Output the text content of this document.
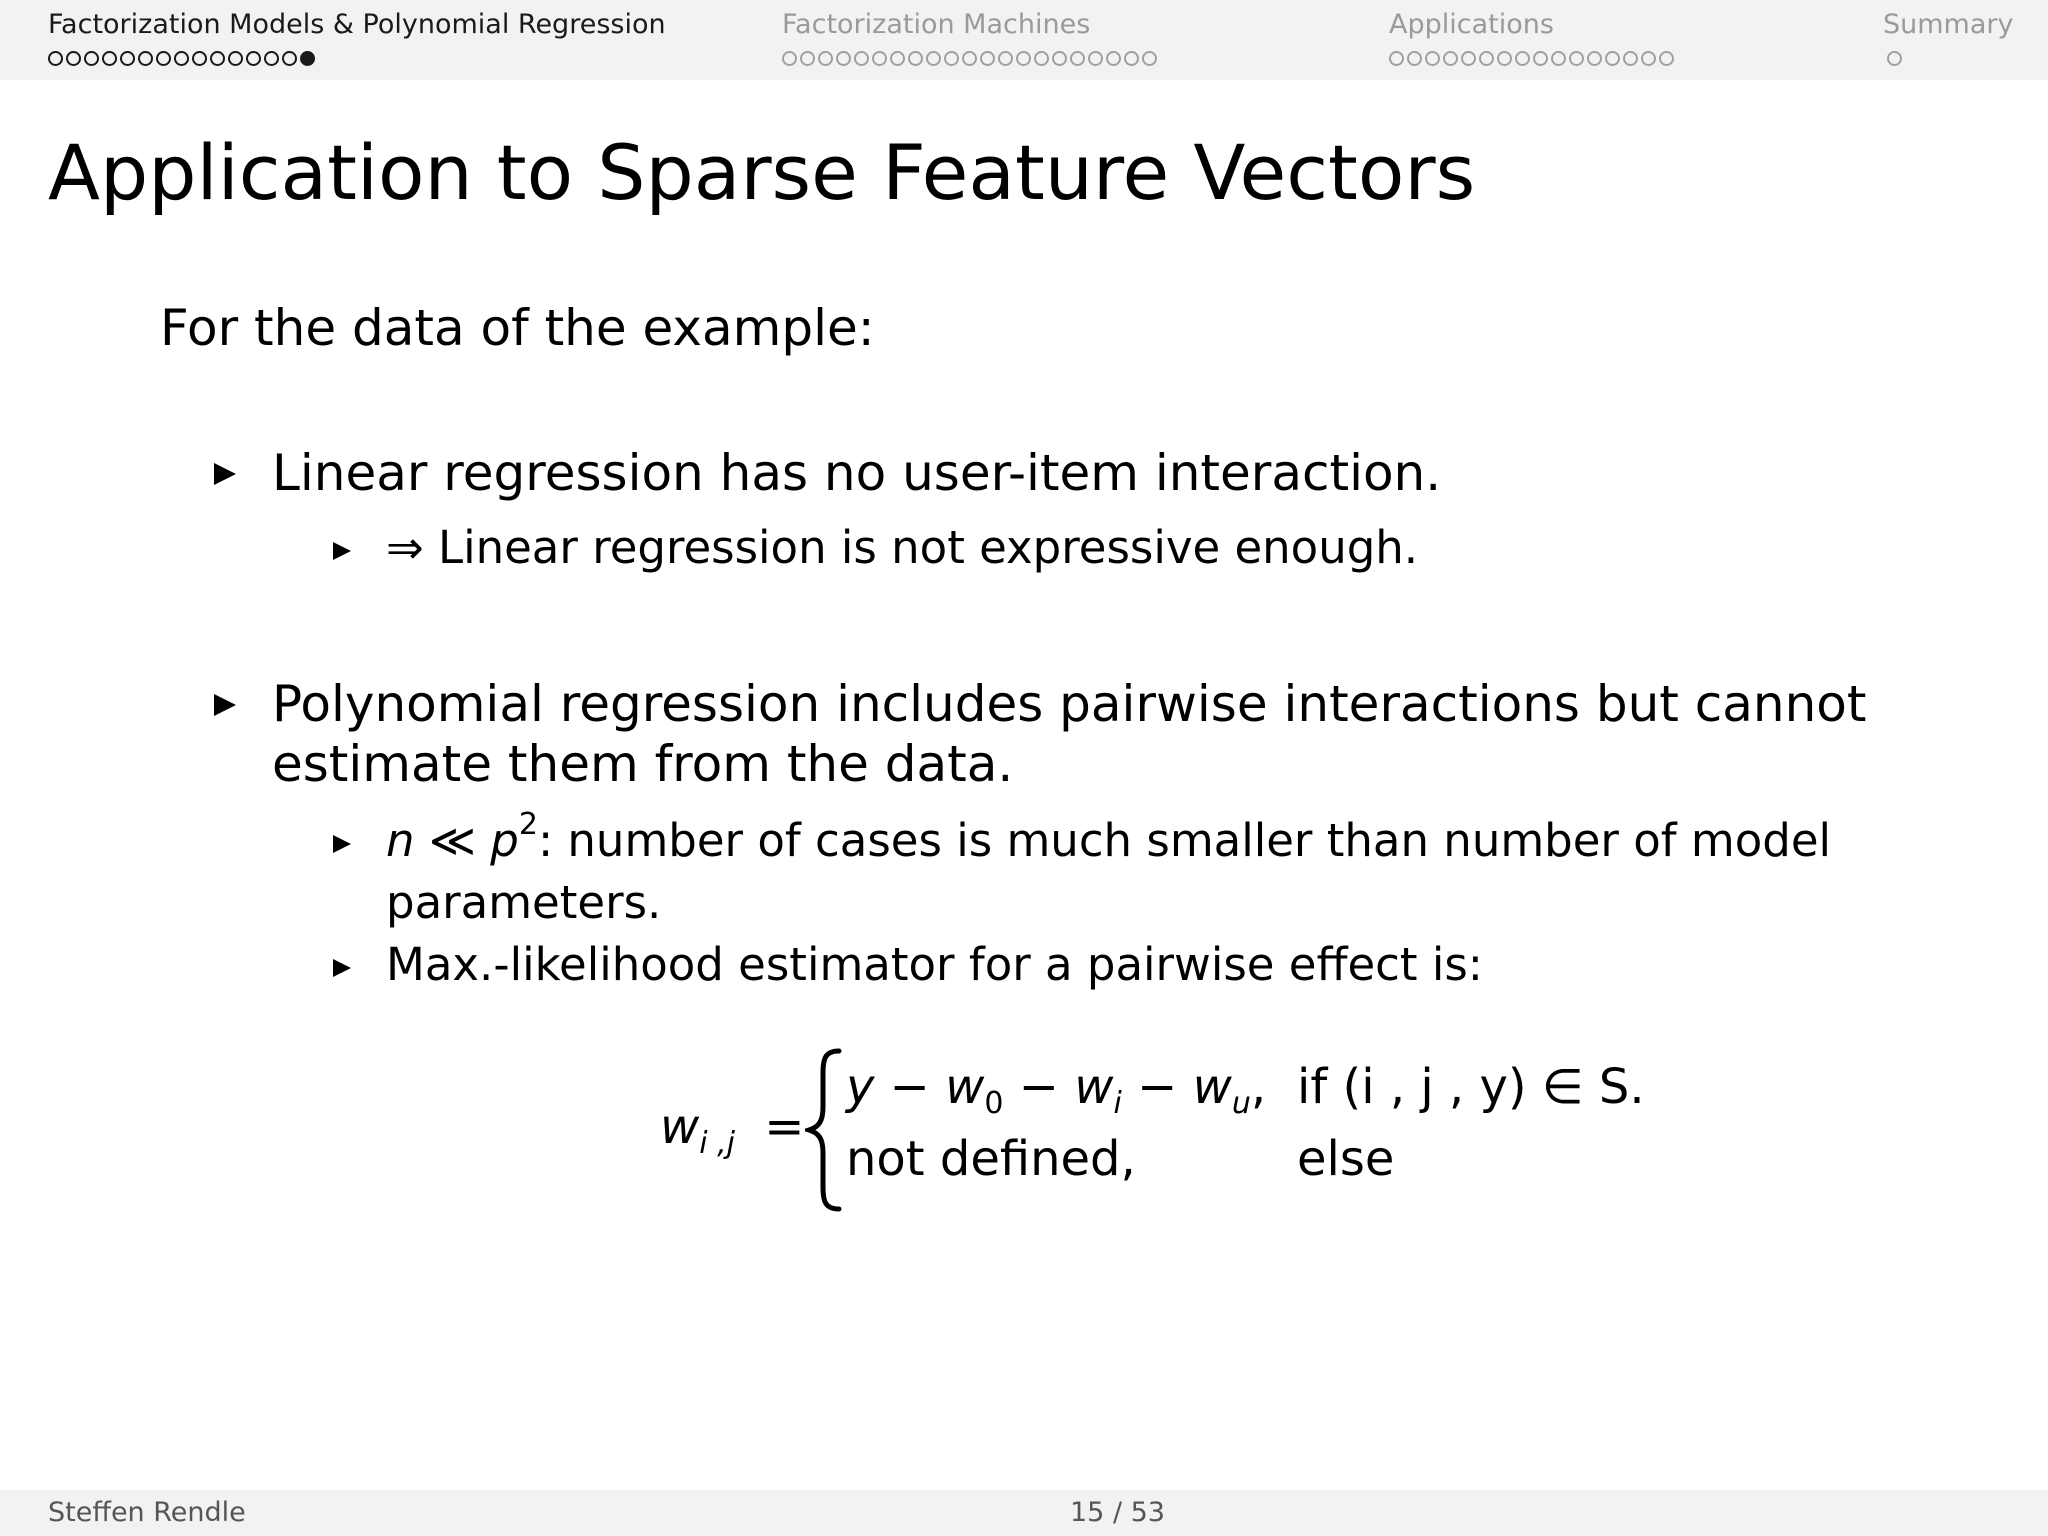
Factorization Models & Polynomial Regression	Factorization Machines	Applications	Summary
Application to Sparse Feature Vectors
For the data of the example:
Linear regression has no user-item interaction.
⇒ Linear regression is not expressive enough.
Polynomial regression includes pairwise interactions but cannot
estimate them from the data.
n ≪ $p^2$: number of cases is much smaller than number of model
parameters.
Max.-likelihood estimator for a pairwise effect is:
$w_{i ,j}$ =
$y - w_0 - w_i - w_u$, if (i , j , y) ∈ S.
not defined,	else
Steffen Rendle	15 / 53
